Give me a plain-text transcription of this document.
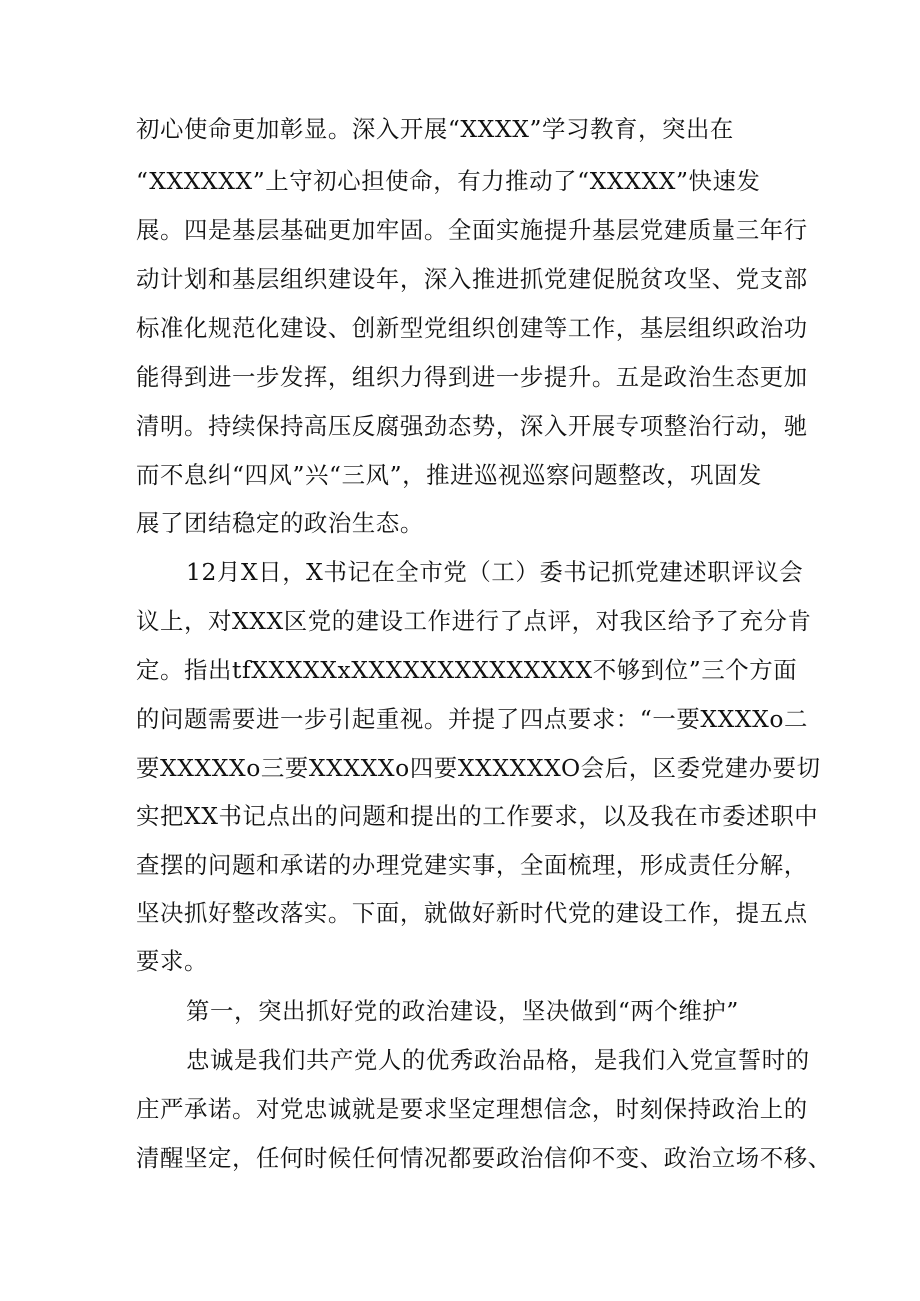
初心使命更加彰显。深入开展“XXXX”学习教育，突出在
“XXXXXX”上守初心担使命，有力推动了“XXXXX”快速发
展。四是基层基础更加牢固。全面实施提升基层党建质量三年行
动计划和基层组织建设年，深入推进抓党建促脱贫攻坚、党支部
标准化规范化建设、创新型党组织创建等工作，基层组织政治功
能得到进一步发挥，组织力得到进一步提升。五是政治生态更加
清明。持续保持高压反腐强劲态势，深入开展专项整治行动，驰
而不息纠“四风”兴“三风”，推进巡视巡察问题整改，巩固发
展了团结稳定的政治生态。
12月X日，X书记在全市党（工）委书记抓党建述职评议会
议上，对XXX区党的建设工作进行了点评，对我区给予了充分肯
定。指出tfXXXXXxXXXXXXXXXXXXXX不够到位”三个方面
的问题需要进一步引起重视。并提了四点要求：“一要XXXXo二
要XXXXXo三要XXXXXo四要XXXXXXO会后，区委党建办要切
实把XX书记点出的问题和提出的工作要求，以及我在市委述职中
查摆的问题和承诺的办理党建实事，全面梳理，形成责任分解，
坚决抓好整改落实。下面，就做好新时代党的建设工作，提五点
要求。
第一，突出抓好党的政治建设，坚决做到“两个维护”
忠诚是我们共产党人的优秀政治品格，是我们入党宣誓时的
庄严承诺。对党忠诚就是要求坚定理想信念，时刻保持政治上的
清醒坚定，任何时候任何情况都要政治信仰不变、政治立场不移、
